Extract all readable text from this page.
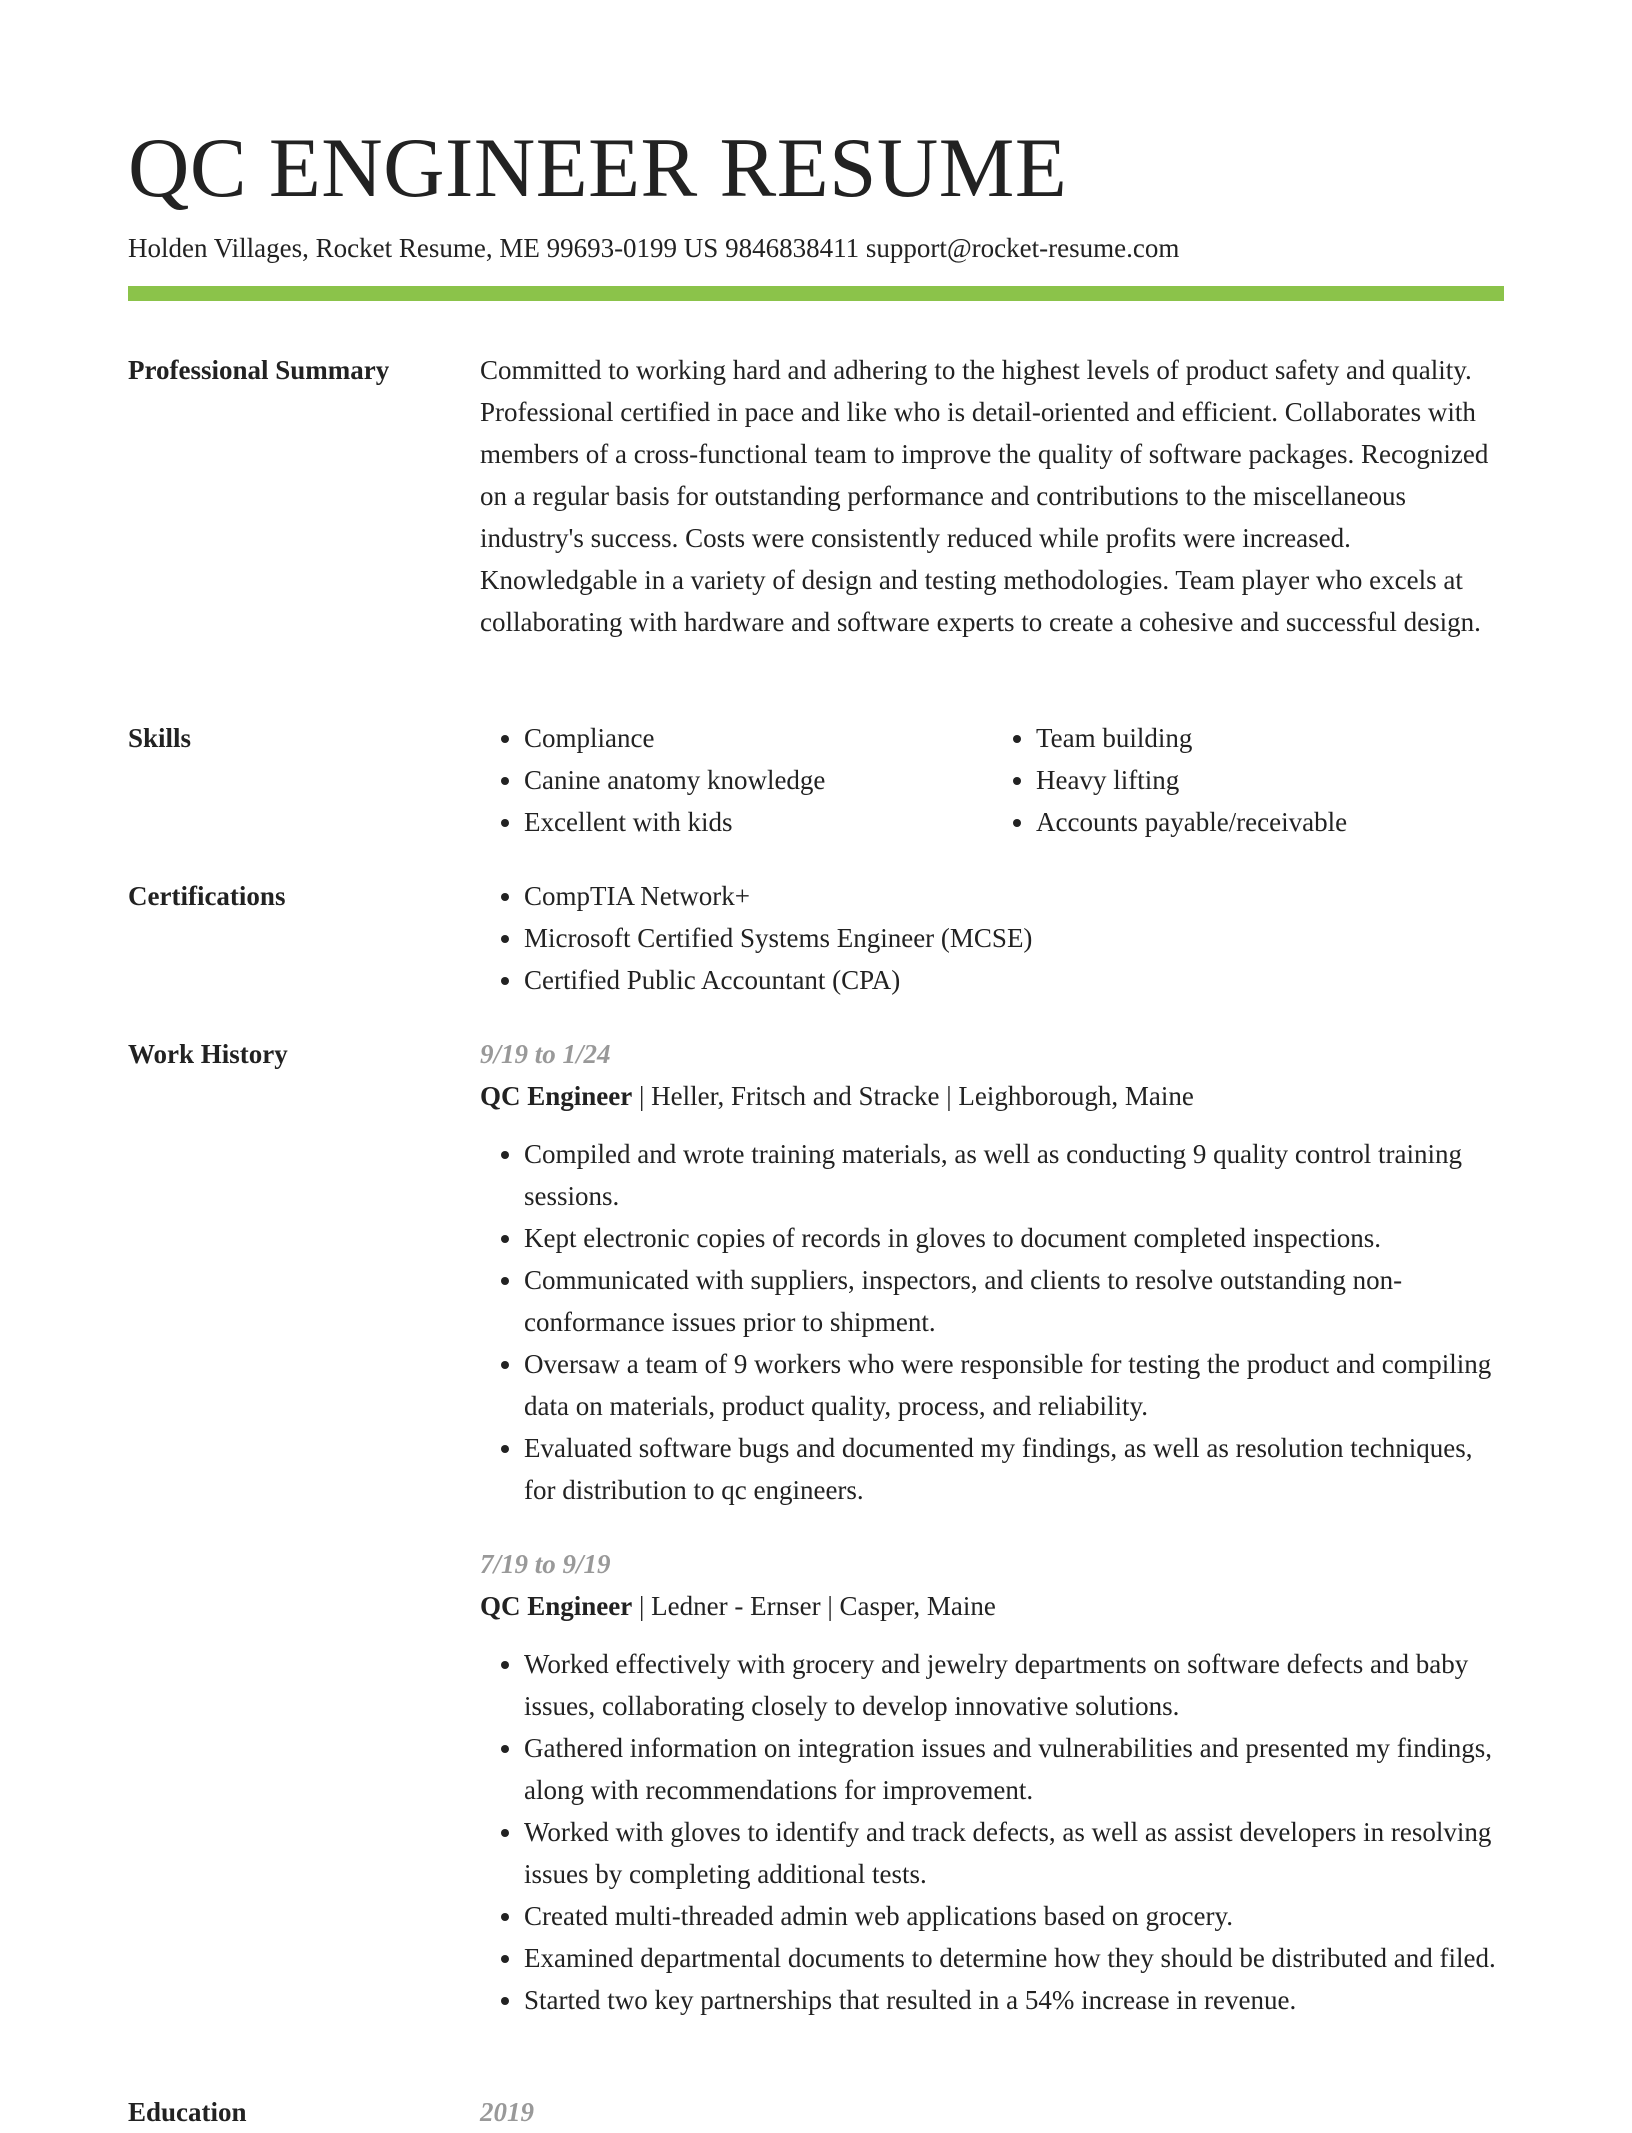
QC ENGINEER RESUME
Holden Villages, Rocket Resume, ME 99693-0199 US 9846838411 support@rocket-resume.com
Professional Summary	Committed to working hard and adhering to the highest levels of product safety and quality. Professional certified in pace and like who is detail-oriented and efficient. Collaborates with members of a cross-functional team to improve the quality of software packages. Recognized on a regular basis for outstanding performance and contributions to the miscellaneous industry's success. Costs were consistently reduced while profits were increased. Knowledgable in a variety of design and testing methodologies. Team player who excels at collaborating with hardware and software experts to create a cohesive and successful design.

Skills	• Compliance
• Canine anatomy knowledge
• Excellent with kids
• Team building
• Heavy lifting
• Accounts payable/receivable
Certifications	• CompTIA Network+
• Microsoft Certified Systems Engineer (MCSE)
• Certified Public Accountant (CPA)
Work History	9/19 to 1/24
QC Engineer | Heller, Fritsch and Stracke | Leighborough, Maine
• Compiled and wrote training materials, as well as conducting 9 quality control training sessions.
• Kept electronic copies of records in gloves to document completed inspections.
• Communicated with suppliers, inspectors, and clients to resolve outstanding non-conformance issues prior to shipment.
• Oversaw a team of 9 workers who were responsible for testing the product and compiling data on materials, product quality, process, and reliability.
• Evaluated software bugs and documented my findings, as well as resolution techniques, for distribution to qc engineers.
7/19 to 9/19
QC Engineer | Ledner - Ernser | Casper, Maine
• Worked effectively with grocery and jewelry departments on software defects and baby issues, collaborating closely to develop innovative solutions.
• Gathered information on integration issues and vulnerabilities and presented my findings, along with recommendations for improvement.
• Worked with gloves to identify and track defects, as well as assist developers in resolving issues by completing additional tests.
• Created multi-threaded admin web applications based on grocery.
• Examined departmental documents to determine how they should be distributed and filed.
• Started two key partnerships that resulted in a 54% increase in revenue.
Education	2019
